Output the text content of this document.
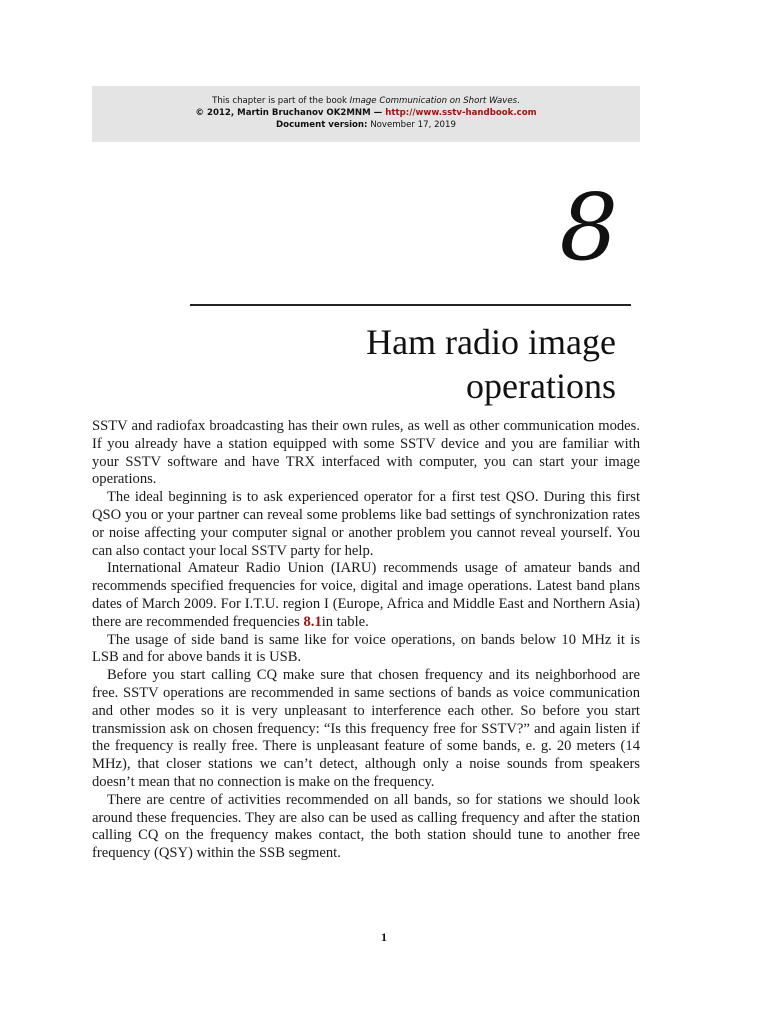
This chapter is part of the book Image Communication on Short Waves.
© 2012, Martin Bruchanov OK2MNM — http://www.sstv-handbook.com
Document version: November 17, 2019
8
Ham radio image
operations

SSTV and radiofax broadcasting has their own rules, as well as other communication modes. If you already have a station equipped with some SSTV device and you are familiar with your SSTV software and have TRX interfaced with computer, you can start your image operations.

The ideal beginning is to ask experienced operator for a first test QSO. During this first QSO you or your partner can reveal some problems like bad settings of synchronization rates or noise affecting your computer signal or another problem you cannot reveal yourself. You can also contact your local SSTV party for help.

International Amateur Radio Union (IARU) recommends usage of amateur bands and recommends specified frequencies for voice, digital and image operations. Latest band plans dates of March 2009. For I.T.U. region I (Europe, Africa and Middle East and Northern Asia) there are recommended frequencies 8.1in table.

The usage of side band is same like for voice operations, on bands below 10 MHz it is LSB and for above bands it is USB.

Before you start calling CQ make sure that chosen frequency and its neighborhood are free. SSTV operations are recommended in same sections of bands as voice communication and other modes so it is very unpleasant to interference each other. So before you start transmission ask on chosen frequency: “Is this frequency free for SSTV?” and again listen if the frequency is really free. There is unpleasant feature of some bands, e. g. 20 meters (14 MHz), that closer stations we can’t detect, although only a noise sounds from speakers doesn’t mean that no connection is make on the frequency.

There are centre of activities recommended on all bands, so for stations we should look around these frequencies. They are also can be used as calling frequency and after the station calling CQ on the frequency makes contact, the both station should tune to another free frequency (QSY) within the SSB segment.

1
